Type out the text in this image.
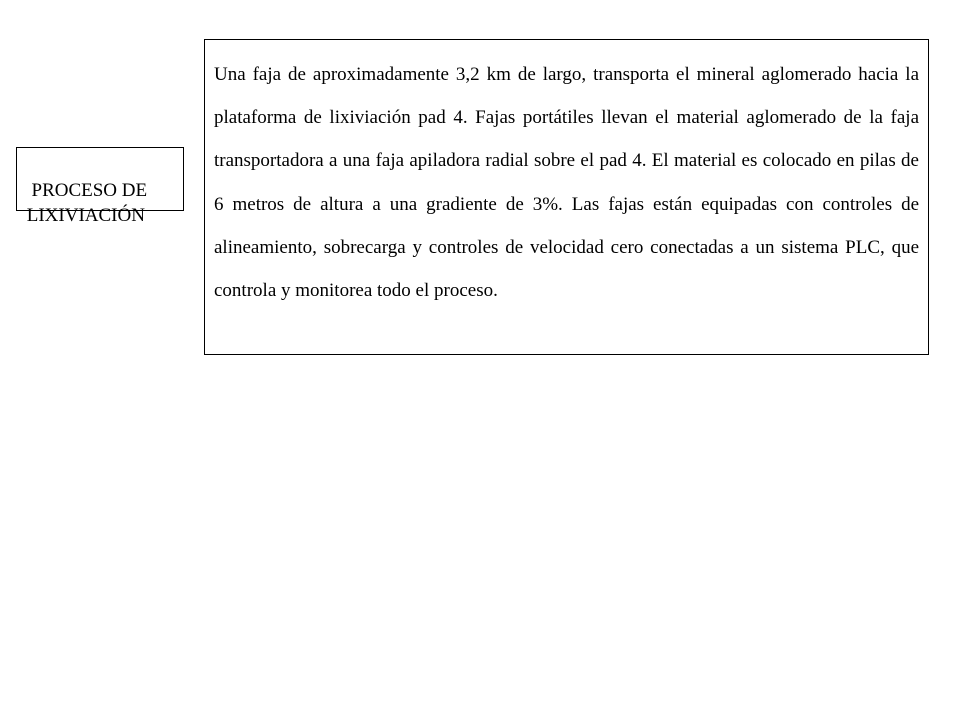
PROCESO DE
LIXIVIACIÓN

Una faja de aproximadamente 3,2 km de largo, transporta el mineral aglomerado hacia la plataforma de lixiviación pad 4. Fajas portátiles llevan el material aglomerado de la faja transportadora a una faja apiladora radial sobre el pad 4. El material es colocado en pilas de 6 metros de altura a una gradiente de 3%. Las fajas están equipadas con controles de alineamiento, sobrecarga y controles de velocidad cero conectadas a un sistema PLC, que controla y monitorea todo el proceso.
